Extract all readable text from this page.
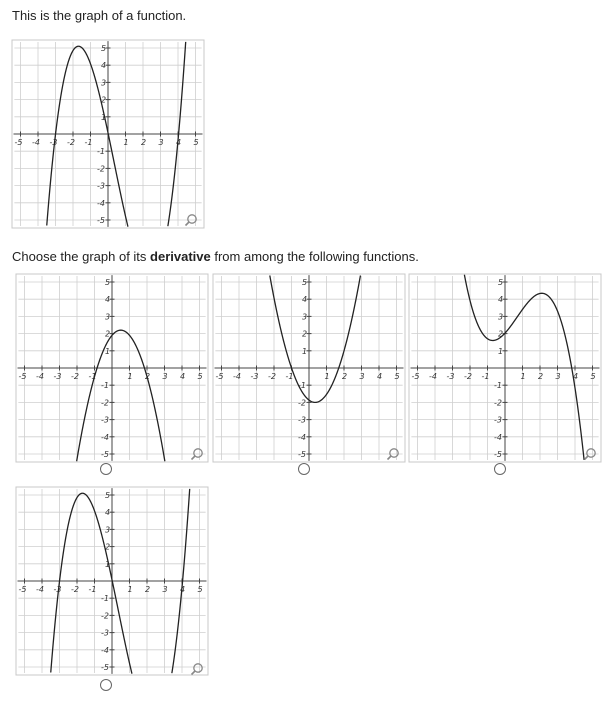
This is the graph of a function.
-5 -4 -3 -2 -1	1 2 3 4 5
5
4
3
2
1
-1
-2
-3
-4
-5
Choose the graph of its derivative from among the following functions.
-5 -4 -3 -2 -1	1 2 3 4 5
5
4
3
2
1
-1
-2
-3
-4
-5
-5 -4 -3 -2 -1	1 2 3 4 5
5
4
3
2
1
-1
-2
-3
-4
-5
-5 -4 -3 -2 -1	1 2 3 4 5
5
4
3
2
1
-1
-2
-3
-4
-5
-5 -4 -3 -2 -1	1 2 3 4 5
5
4
3
2
1
-1
-2
-3
-4
-5
